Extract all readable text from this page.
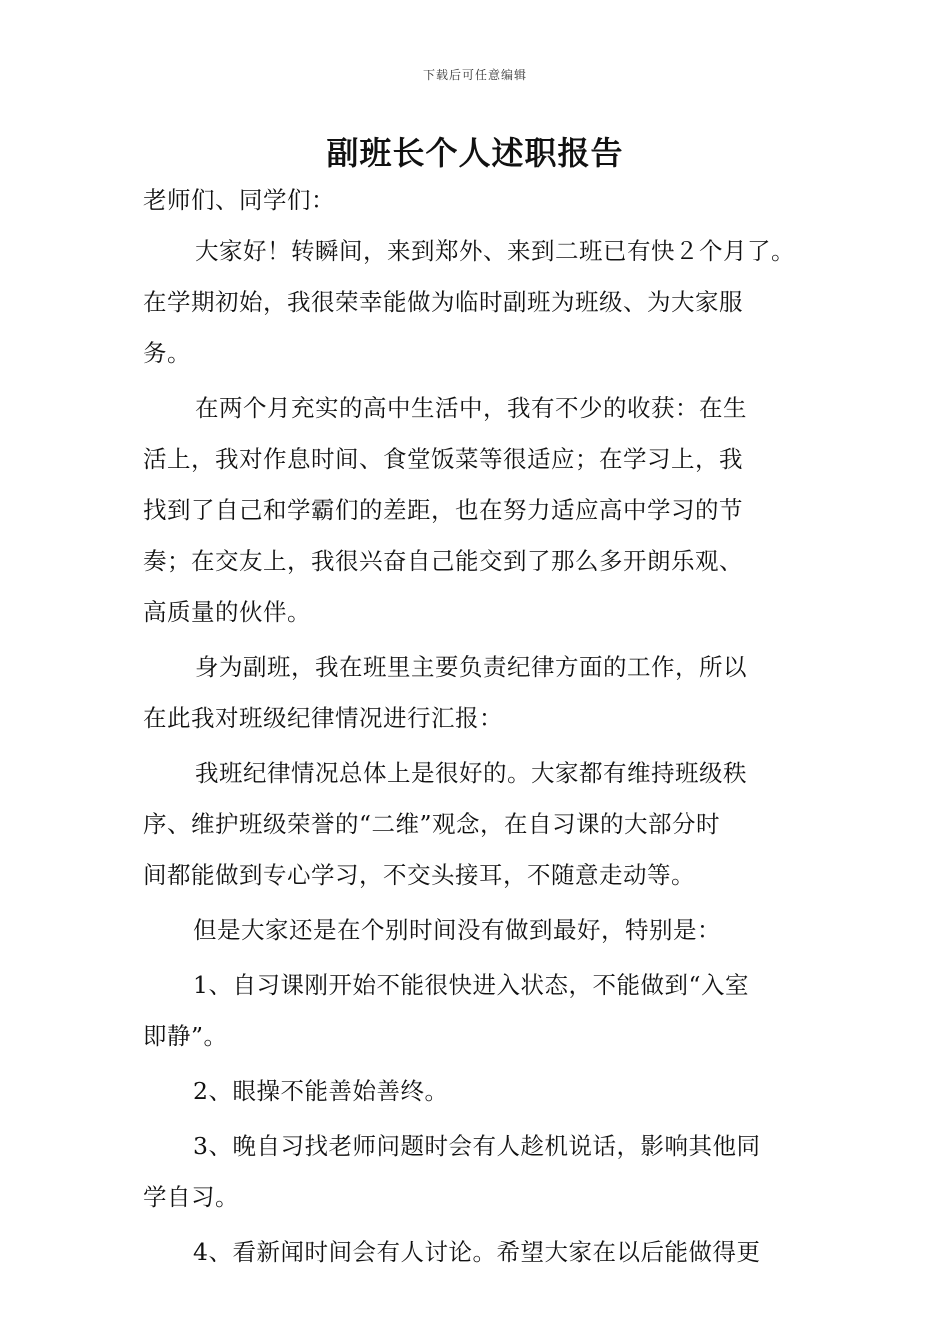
下载后可任意编辑
副班长个人述职报告
老师们、同学们：
大家好！转瞬间，来到郑外、来到二班已有快２个月了。
在学期初始，我很荣幸能做为临时副班为班级、为大家服
务。
在两个月充实的高中生活中，我有不少的收获：在生
活上，我对作息时间、食堂饭菜等很适应；在学习上，我
找到了自己和学霸们的差距，也在努力适应高中学习的节
奏；在交友上，我很兴奋自己能交到了那么多开朗乐观、
高质量的伙伴。
身为副班，我在班里主要负责纪律方面的工作，所以
在此我对班级纪律情况进行汇报：
我班纪律情况总体上是很好的。大家都有维持班级秩
序、维护班级荣誉的“二维”观念，在自习课的大部分时
间都能做到专心学习，不交头接耳，不随意走动等。
但是大家还是在个别时间没有做到最好，特别是：
1、自习课刚开始不能很快进入状态，不能做到“入室
即静”。
2、眼操不能善始善终。
3、晚自习找老师问题时会有人趁机说话，影响其他同
学自习。
4、看新闻时间会有人讨论。希望大家在以后能做得更
